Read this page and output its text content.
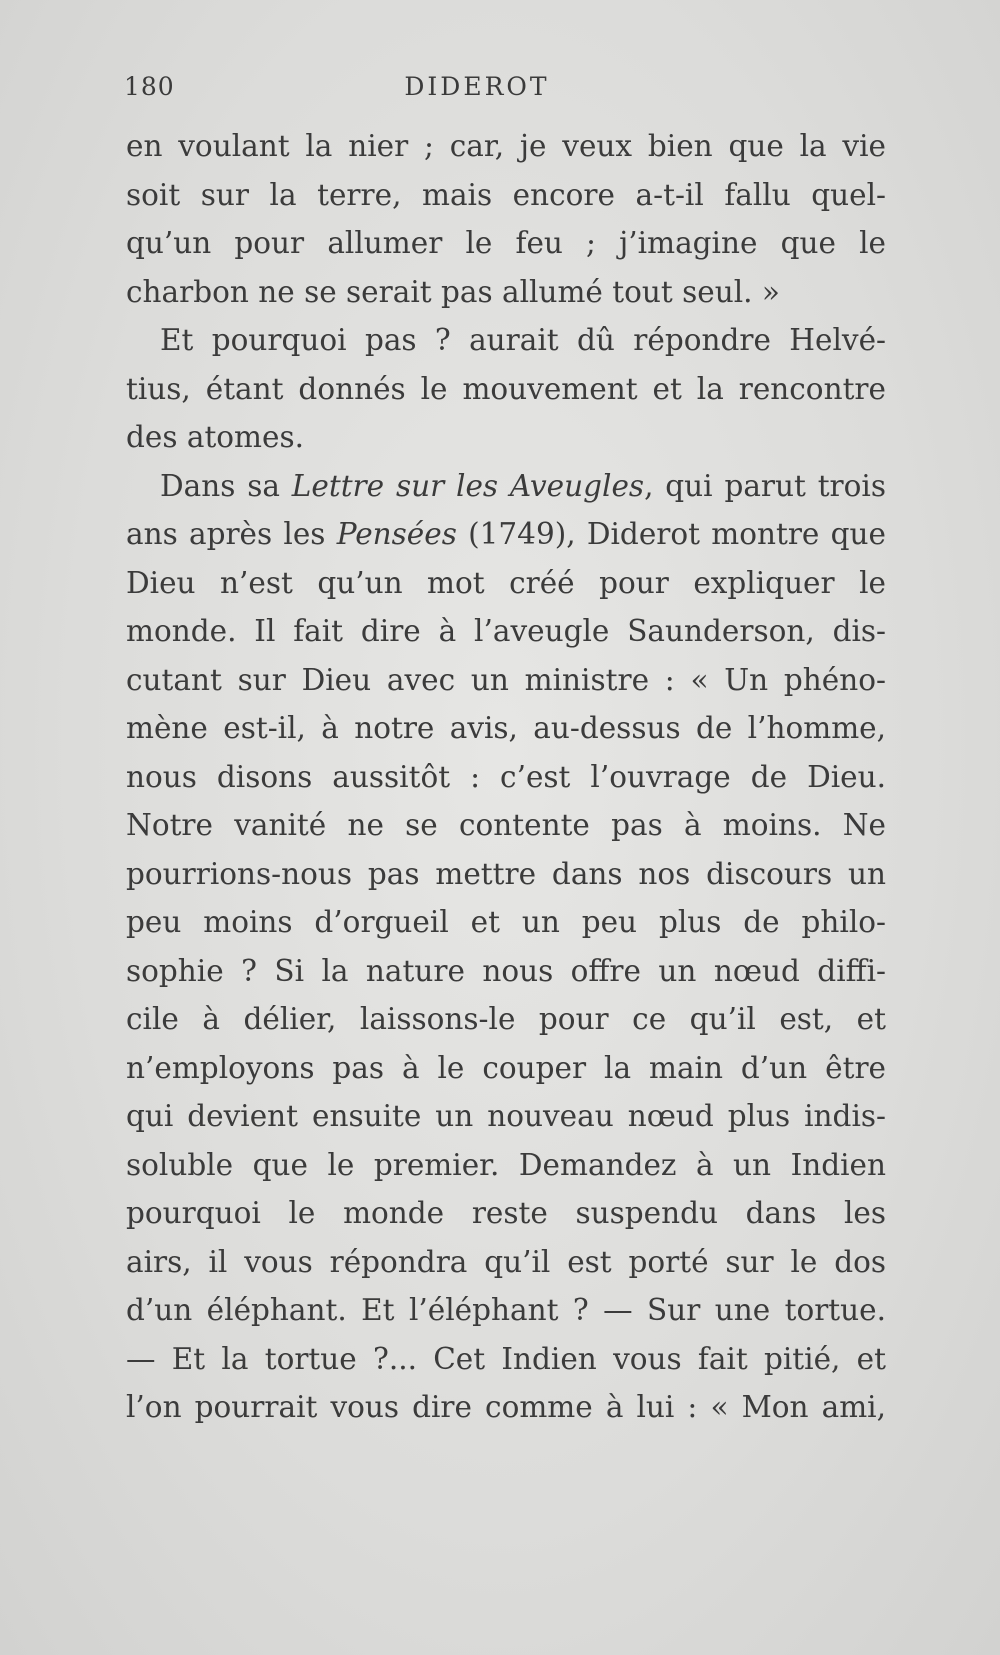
180	DIDEROT
en voulant la nier ; car, je veux bien que la vie
soit sur la terre, mais encore a-t-il fallu quel-
qu’un pour allumer le feu ; j’imagine que le
charbon ne se serait pas allumé tout seul. »
Et pourquoi pas ? aurait dû répondre Helvé-
tius, étant donnés le mouvement et la rencontre
des atomes.
Dans sa Lettre sur les Aveugles, qui parut trois
ans après les Pensées (1749), Diderot montre que
Dieu n’est qu’un mot créé pour expliquer le
monde. Il fait dire à l’aveugle Saunderson, dis-
cutant sur Dieu avec un ministre : « Un phéno-
mène est-il, à notre avis, au-dessus de l’homme,
nous disons aussitôt : c’est l’ouvrage de Dieu.
Notre vanité ne se contente pas à moins. Ne
pourrions-nous pas mettre dans nos discours un
peu moins d’orgueil et un peu plus de philo-
sophie ? Si la nature nous offre un nœud diffi-
cile à délier, laissons-le pour ce qu’il est, et
n’employons pas à le couper la main d’un être
qui devient ensuite un nouveau nœud plus indis-
soluble que le premier. Demandez à un Indien
pourquoi le monde reste suspendu dans les
airs, il vous répondra qu’il est porté sur le dos
d’un éléphant. Et l’éléphant ? — Sur une tortue.
— Et la tortue ?... Cet Indien vous fait pitié, et
l’on pourrait vous dire comme à lui : « Mon ami,
